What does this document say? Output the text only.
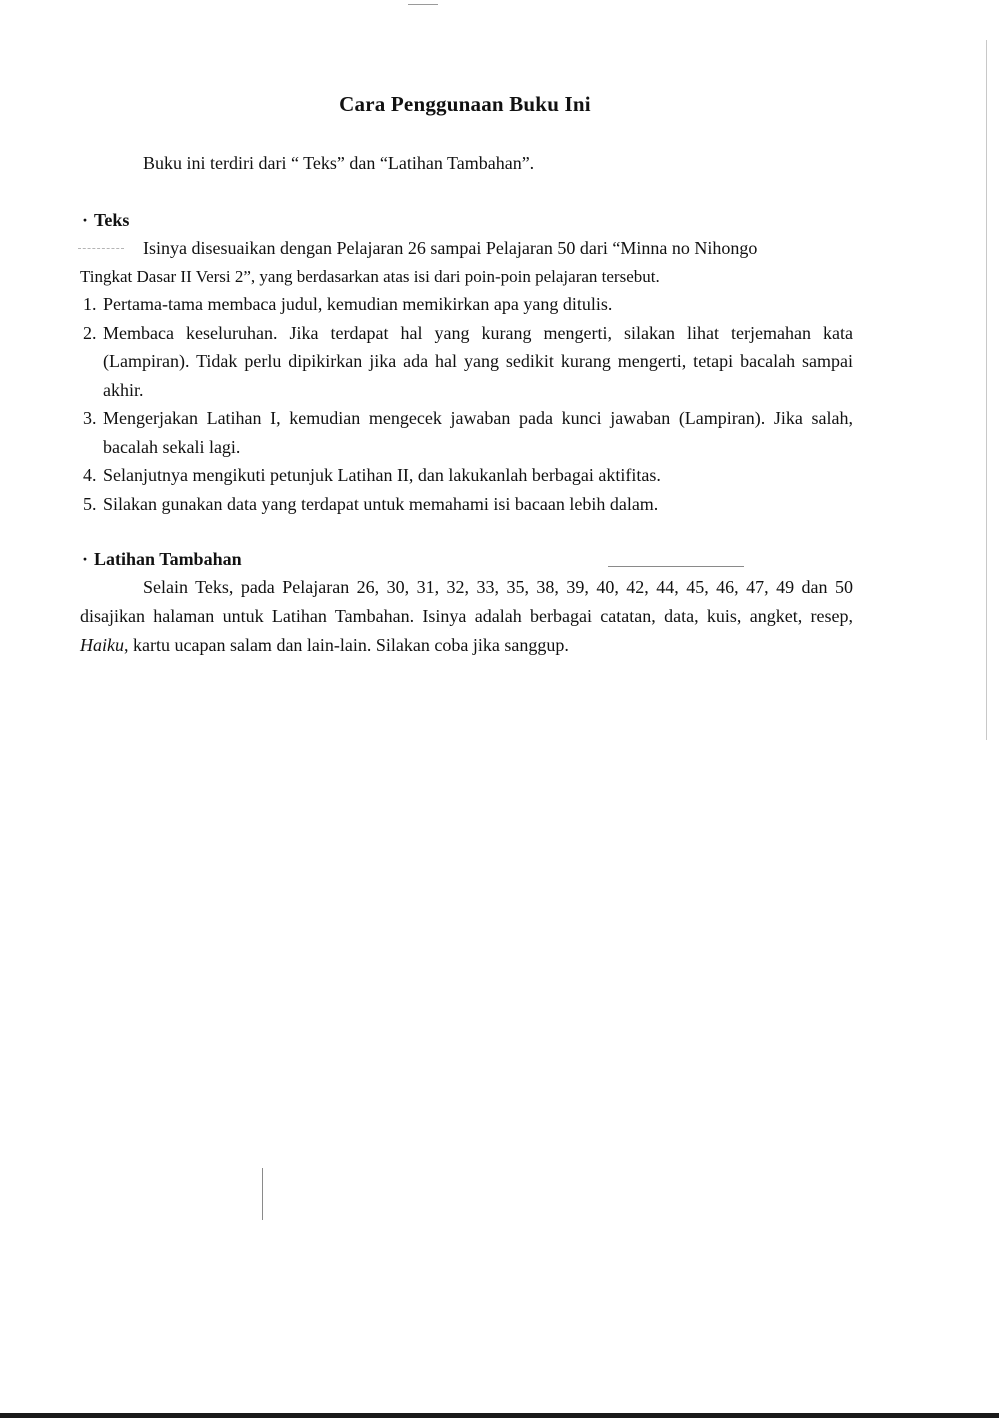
Cara Penggunaan Buku Ini

Buku ini terdiri dari “ Teks” dan “Latihan Tambahan”.

· Teks
Isinya disesuaikan dengan Pelajaran 26 sampai Pelajaran 50 dari “Minna no Nihongo
Tingkat Dasar II Versi 2”, yang berdasarkan atas isi dari poin-poin pelajaran tersebut.
1. Pertama-tama membaca judul, kemudian memikirkan apa yang ditulis.
2. Membaca keseluruhan. Jika terdapat hal yang kurang mengerti, silakan lihat terjemahan kata (Lampiran). Tidak perlu dipikirkan jika ada hal yang sedikit kurang mengerti, tetapi bacalah sampai akhir.
3. Mengerjakan Latihan I, kemudian mengecek jawaban pada kunci jawaban (Lampiran). Jika salah, bacalah sekali lagi.
4. Selanjutnya mengikuti petunjuk Latihan II, dan lakukanlah berbagai aktifitas.
5. Silakan gunakan data yang terdapat untuk memahami isi bacaan lebih dalam.
· Latihan Tambahan
Selain Teks, pada Pelajaran 26, 30, 31, 32, 33, 35, 38, 39, 40, 42, 44, 45, 46, 47, 49 dan 50 disajikan halaman untuk Latihan Tambahan. Isinya adalah berbagai catatan, data, kuis, angket, resep, Haiku, kartu ucapan salam dan lain-lain. Silakan coba jika sanggup.
